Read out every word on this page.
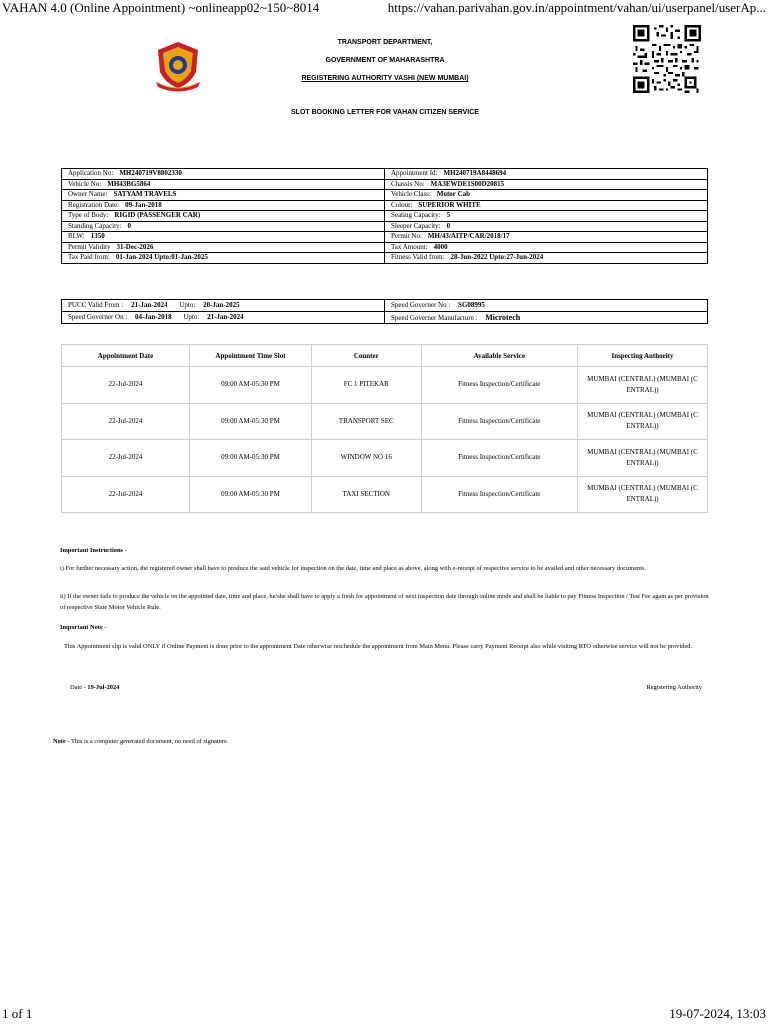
VAHAN 4.0 (Online Appointment) ~onlineapp02~150~8014	https://vahan.parivahan.gov.in/appointment/vahan/ui/userpanel/userAp...
TRANSPORT DEPARTMENT,
GOVERNMENT OF MAHARASHTRA
REGISTERING AUTHORITY VASHI (NEW MUMBAI)
SLOT BOOKING LETTER FOR VAHAN CITIZEN SERVICE
Application No: MH240719V8802330	Appointment Id: MH240719A8448694
Vehicle No: MH43BG5864	Chassis No: MA3EWDE1S00D20815
Owner Name: SATYAM TRAVELS	Vehicle Class: Motor Cab
Registration Date: 09-Jan-2018	Colour: SUPERIOR WHITE
Type of Body: RIGID (PASSENGER CAR)	Seating Capacity: 5
Standing Capacity: 0	Sleeper Capacity: 0
RLW: 1350	Permit No: MH/43/AITP/CAR/2018/17
Permit Validity 31-Dec-2026	Tax Amount: 4000
Tax Paid from: 01-Jan-2024 Upto:01-Jan-2025	Fitness Valid from: 28-Jun-2022 Upto:27-Jun-2024
PUCC Valid From : 21-Jan-2024 Upto: 20-Jan-2025	Speed Governer No : SG08995
Speed Governer On : 04-Jan-2018 Upto: 21-Jan-2024	Speed Governer Manufacture : Microtech
Appointment Date	Appointment Time Slot	Counter	Available Service	Inspecting Authority
22-Jul-2024	09:00 AM-05:30 PM	FC 1 PITEKAR	Fitness Inspection/Certificate	MUMBAI (CENTRAL) (MUMBAI (C ENTRAL))
22-Jul-2024	09:00 AM-05:30 PM	TRANSPORT SEC	Fitness Inspection/Certificate	MUMBAI (CENTRAL) (MUMBAI (C ENTRAL))
22-Jul-2024	09:00 AM-05:30 PM	WINDOW NO 16	Fitness Inspection/Certificate	MUMBAI (CENTRAL) (MUMBAI (C ENTRAL))
22-Jul-2024	09:00 AM-05:30 PM	TAXI SECTION	Fitness Inspection/Certificate	MUMBAI (CENTRAL) (MUMBAI (C ENTRAL))
Important Instructions -
i) For further necessary action, the registered owner shall have to produce the said vehicle for inspection on the date, time and place as above, along with e-receipt of respective service to be availed and other necessary documents.
ii) If the owner fails to produce the vehicle on the appointed date, time and place, he/she shall have to apply a fresh for appointment of next inspection date through online mode and shall be liable to pay Fitness Inspection / Test Fee again as per provision of respective State Motor Vehicle Rule.
Important Note -
This Appointment slip is valid ONLY if Online Payment is done prior to the appointment Date otherwise reschedule the appointment from Main Menu. Please carry Payment Receipt also while visiting RTO otherwise service will not be provided.
Date - 19-Jul-2024	Registering Authority
Note - This is a computer generated document, no need of signature.
1 of 1	19-07-2024, 13:03
